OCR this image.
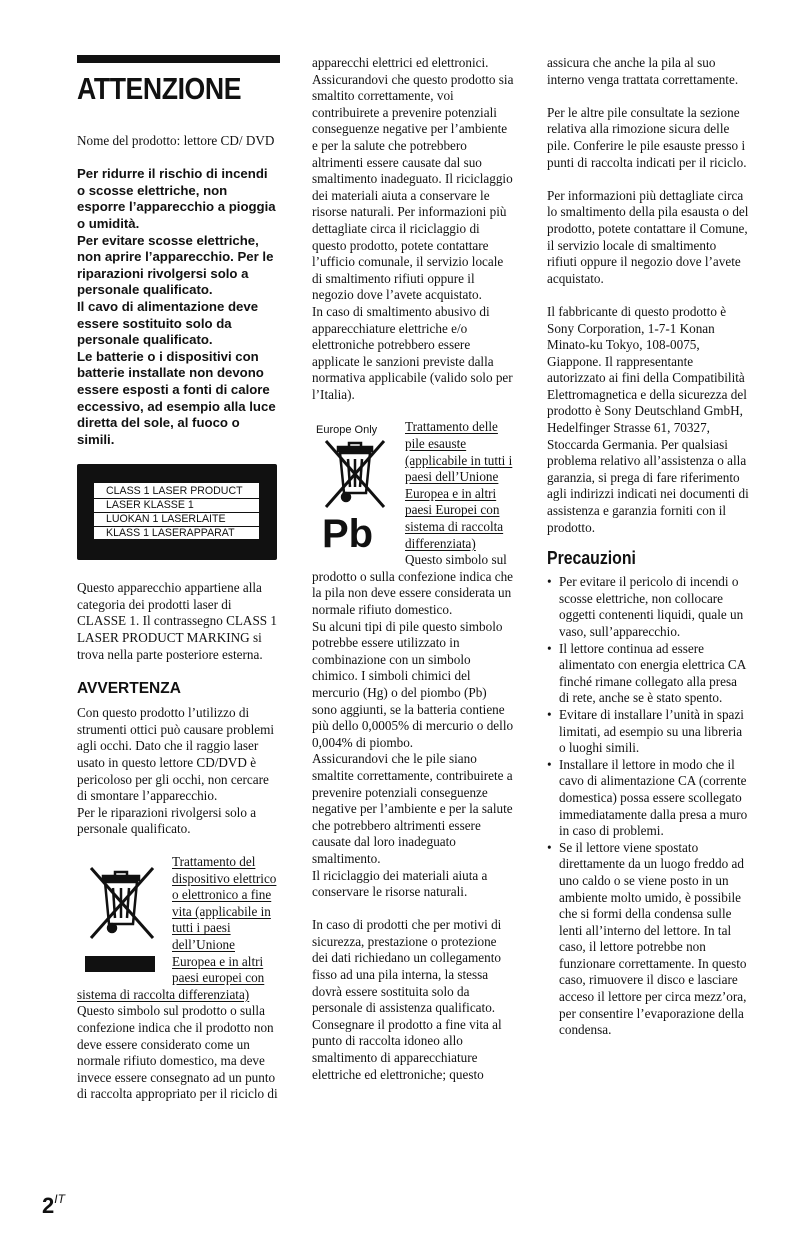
ATTENZIONE

Nome del prodotto: lettore CD/ DVD

Per ridurre il rischio di incendi o scosse elettriche, non esporre l’apparecchio a pioggia o umidità.

Per evitare scosse elettriche, non aprire l’apparecchio. Per le riparazioni rivolgersi solo a personale qualificato.

Il cavo di alimentazione deve essere sostituito solo da personale qualificato.

Le batterie o i dispositivi con batterie installate non devono essere esposti a fonti di calore eccessivo, ad esempio alla luce diretta del sole, al fuoco o simili.

CLASS 1 LASER PRODUCT
LASER KLASSE 1
LUOKAN 1 LASERLAITE
KLASS 1 LASERAPPARAT

Questo apparecchio appartiene alla categoria dei prodotti laser di CLASSE 1. Il contrassegno CLASS 1 LASER PRODUCT MARKING si trova nella parte posteriore esterna.

AVVERTENZA

Con questo prodotto l’utilizzo di strumenti ottici può causare problemi agli occhi. Dato che il raggio laser usato in questo lettore CD/DVD è pericoloso per gli occhi, non cercare di smontare l’apparecchio.

Per le riparazioni rivolgersi solo a personale qualificato.

Trattamento del dispositivo elettrico o elettronico a fine vita (applicabile in tutti i paesi dell’Unione Europea e in altri paesi europei con sistema di raccolta differenziata)

Questo simbolo sul prodotto o sulla confezione indica che il prodotto non deve essere considerato come un normale rifiuto domestico, ma deve invece essere consegnato ad un punto di raccolta appropriato per il riciclo di

apparecchi elettrici ed elettronici. Assicurandovi che questo prodotto sia smaltito correttamente, voi contribuirete a prevenire potenziali conseguenze negative per l’ambiente e per la salute che potrebbero altrimenti essere causate dal suo smaltimento inadeguato. Il riciclaggio dei materiali aiuta a conservare le risorse naturali. Per informazioni più dettagliate circa il riciclaggio di questo prodotto, potete contattare l’ufficio comunale, il servizio locale di smaltimento rifiuti oppure il negozio dove l’avete acquistato.

In caso di smaltimento abusivo di apparecchiature elettriche e/o elettroniche potrebbero essere applicate le sanzioni previste dalla normativa applicabile (valido solo per l’Italia).

Europe Only
Pb

Trattamento delle pile esauste (applicabile in tutti i paesi dell’Unione Europea e in altri paesi Europei con sistema di raccolta differenziata)

Questo simbolo sul prodotto o sulla confezione indica che la pila non deve essere considerata un normale rifiuto domestico.

Su alcuni tipi di pile questo simbolo potrebbe essere utilizzato in combinazione con un simbolo chimico. I simboli chimici del mercurio (Hg) o del piombo (Pb) sono aggiunti, se la batteria contiene più dello 0,0005% di mercurio o dello 0,004% di piombo.

Assicurandovi che le pile siano smaltite correttamente, contribuirete a prevenire potenziali conseguenze negative per l’ambiente e per la salute che potrebbero altrimenti essere causate dal loro inadeguato smaltimento.

Il riciclaggio dei materiali aiuta a conservare le risorse naturali.

In caso di prodotti che per motivi di sicurezza, prestazione o protezione dei dati richiedano un collegamento fisso ad una pila interna, la stessa dovrà essere sostituita solo da personale di assistenza qualificato.

Consegnare il prodotto a fine vita al punto di raccolta idoneo allo smaltimento di apparecchiature elettriche ed elettroniche; questo

assicura che anche la pila al suo interno venga trattata correttamente.

Per le altre pile consultate la sezione relativa alla rimozione sicura delle pile. Conferire le pile esauste presso i punti di raccolta indicati per il riciclo.

Per informazioni più dettagliate circa lo smaltimento della pila esausta o del prodotto, potete contattare il Comune, il servizio locale di smaltimento rifiuti oppure il negozio dove l’avete acquistato.

Il fabbricante di questo prodotto è Sony Corporation, 1-7-1 Konan Minato-ku Tokyo, 108-0075, Giappone. Il rappresentante autorizzato ai fini della Compatibilità Elettromagnetica e della sicurezza del prodotto è Sony Deutschland GmbH, Hedelfinger Strasse 61, 70327, Stoccarda Germania. Per qualsiasi problema relativo all’assistenza o alla garanzia, si prega di fare riferimento agli indirizzi indicati nei documenti di assistenza e garanzia forniti con il prodotto.

Precauzioni
• Per evitare il pericolo di incendi o scosse elettriche, non collocare oggetti contenenti liquidi, quale un vaso, sull’apparecchio.
• Il lettore continua ad essere alimentato con energia elettrica CA finché rimane collegato alla presa di rete, anche se è stato spento.
• Evitare di installare l’unità in spazi limitati, ad esempio su una libreria o luoghi simili.
• Installare il lettore in modo che il cavo di alimentazione CA (corrente domestica) possa essere scollegato immediatamente dalla presa a muro in caso di problemi.
• Se il lettore viene spostato direttamente da un luogo freddo ad uno caldo o se viene posto in un ambiente molto umido, è possibile che si formi della condensa sulle lenti all’interno del lettore. In tal caso, il lettore potrebbe non funzionare correttamente. In questo caso, rimuovere il disco e lasciare acceso il lettore per circa mezz’ora, per consentire l’evaporazione della condensa.
$2^{IT}$
